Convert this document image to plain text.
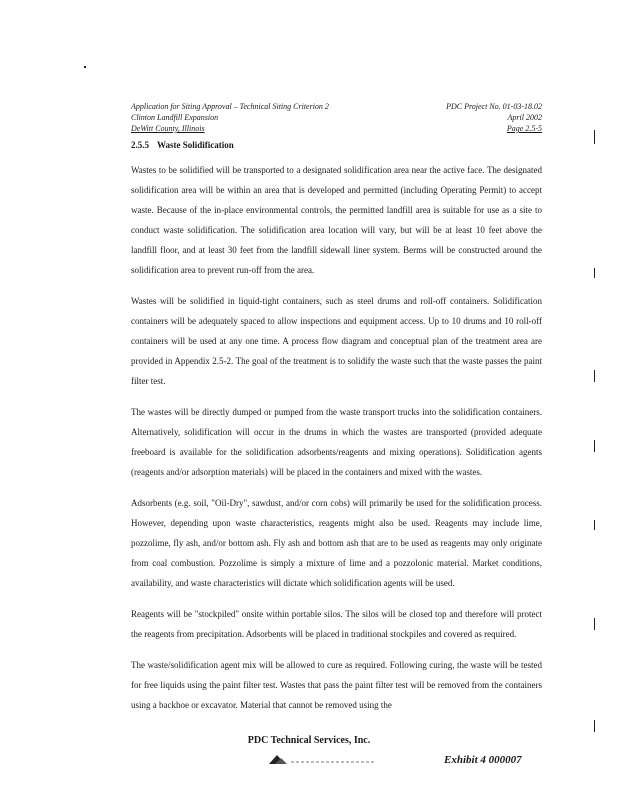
Application for Siting Approval – Technical Siting Criterion 2
Clinton Landfill Expansion
DeWitt County, Illinois
PDC Project No. 01-03-18.02
April 2002
Page 2.5-5
2.5.5 Waste Solidification

Wastes to be solidified will be transported to a designated solidification area near the active face. The designated solidification area will be within an area that is developed and permitted (including Operating Permit) to accept waste. Because of the in-place environmental controls, the permitted landfill area is suitable for use as a site to conduct waste solidification. The solidification area location will vary, but will be at least 10 feet above the landfill floor, and at least 30 feet from the landfill sidewall liner system. Berms will be constructed around the solidification area to prevent run-off from the area.

Wastes will be solidified in liquid-tight containers, such as steel drums and roll-off containers. Solidification containers will be adequately spaced to allow inspections and equipment access. Up to 10 drums and 10 roll-off containers will be used at any one time. A process flow diagram and conceptual plan of the treatment area are provided in Appendix 2.5-2. The goal of the treatment is to solidify the waste such that the waste passes the paint filter test.

The wastes will be directly dumped or pumped from the waste transport trucks into the solidification containers. Alternatively, solidification will occur in the drums in which the wastes are transported (provided adequate freeboard is available for the solidification adsorbents/reagents and mixing operations). Solidification agents (reagents and/or adsorption materials) will be placed in the containers and mixed with the wastes.

Adsorbents (e.g. soil, "Oil-Dry", sawdust, and/or corn cobs) will primarily be used for the solidification process. However, depending upon waste characteristics, reagents might also be used. Reagents may include lime, pozzolime, fly ash, and/or bottom ash. Fly ash and bottom ash that are to be used as reagents may only originate from coal combustion. Pozzolime is simply a mixture of lime and a pozzolonic material. Market conditions, availability, and waste characteristics will dictate which solidification agents will be used.

Reagents will be "stockpiled" onsite within portable silos. The silos will be closed top and therefore will protect the reagents from precipitation. Adsorbents will be placed in traditional stockpiles and covered as required.

The waste/solidification agent mix will be allowed to cure as required. Following curing, the waste will be tested for free liquids using the paint filter test. Wastes that pass the paint filter test will be removed from the containers using a backhoe or excavator. Material that cannot be removed using the

PDC Technical Services, Inc.
Exhibit 4 000007
